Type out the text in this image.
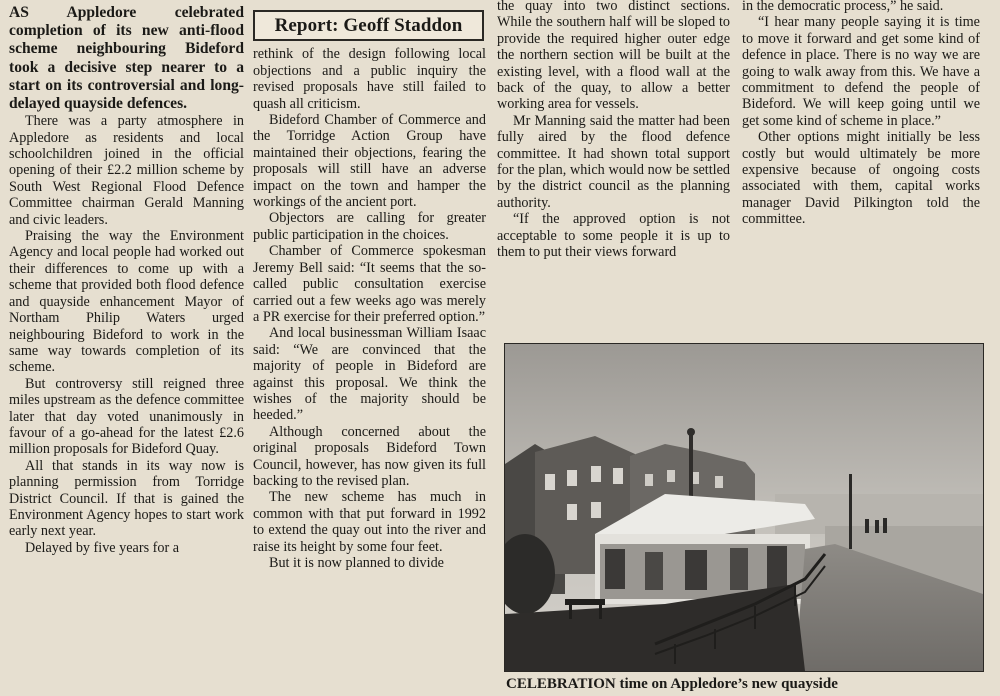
AS Appledore celebrated completion of its new anti-flood scheme neighbouring Bideford took a decisive step nearer to a start on its controversial and long-delayed quayside defences.

There was a party atmosphere in Appledore as residents and local schoolchildren joined in the official opening of their £2.2 million scheme by South West Regional Flood Defence Committee chairman Gerald Manning and civic leaders.

Praising the way the Environment Agency and local people had worked out their differences to come up with a scheme that provided both flood defence and quayside enhancement Mayor of Northam Philip Waters urged neighbouring Bideford to work in the same way towards completion of its scheme.

But controversy still reigned three miles upstream as the defence committee later that day voted unanimously in favour of a go-ahead for the latest £2.6 million proposals for Bideford Quay.

All that stands in its way now is planning permission from Torridge District Council. If that is gained the Environment Agency hopes to start work early next year.

Delayed by five years for a

Report: Geoff Staddon

rethink of the design following local objections and a public inquiry the revised proposals have still failed to quash all criticism.

Bideford Chamber of Commerce and the Torridge Action Group have maintained their objections, fearing the proposals will still have an adverse impact on the town and hamper the workings of the ancient port.

Objectors are calling for greater public participation in the choices.

Chamber of Commerce spokesman Jeremy Bell said: “It seems that the so-called public consultation exercise carried out a few weeks ago was merely a PR exercise for their preferred option.”

And local businessman William Isaac said: “We are convinced that the majority of people in Bideford are against this proposal. We think the wishes of the majority should be heeded.”

Although concerned about the original proposals Bideford Town Council, however, has now given its full backing to the revised plan.

The new scheme has much in common with that put forward in 1992 to extend the quay out into the river and raise its height by some four feet.

But it is now planned to divide

the quay into two distinct sections. While the southern half will be sloped to provide the required higher outer edge the northern section will be built at the existing level, with a flood wall at the back of the quay, to allow a better working area for vessels.

Mr Manning said the matter had been fully aired by the flood defence committee. It had shown total support for the plan, which would now be settled by the district council as the planning authority.

“If the approved option is not acceptable to some people it is up to them to put their views forward

in the democratic process,” he said.

“I hear many people saying it is time to move it forward and get some kind of defence in place. There is no way we are going to walk away from this. We have a commitment to defend the people of Bideford. We will keep going until we get some kind of scheme in place.”

Other options might initially be less costly but would ultimately be more expensive because of ongoing costs associated with them, capital works manager David Pilkington told the committee.

CELEBRATION time on Appledore’s new quayside
